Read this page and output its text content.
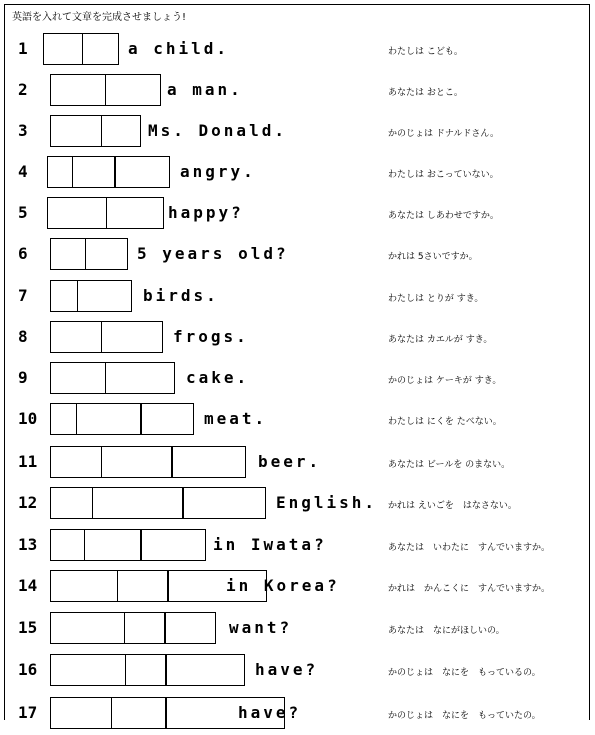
英語を入れて文章を完成させましょう!
1	a child.	わたしは こども。
2	a man.	あなたは おとこ。
3	Ms. Donald.	かのじょは ドナルドさん。
4	angry.	わたしは おこっていない。
5	happy?	あなたは しあわせですか。
6	5 years old?	かれは 5さいですか。
7	birds.	わたしは とりが すき。
8	frogs.	あなたは カエルが すき。
9	cake.	かのじょは ケーキが すき。
10	meat.	わたしは にくを たべない。
11	beer.	あなたは ビールを のまない。
12	English. かれは えいごを　はなさない。
13	in Iwata?	あなたは　いわたに　すんでいますか。
14	in Korea?	かれは　かんこくに　すんでいますか。
15	want?	あなたは　なにがほしいの。
16	have?	かのじょは　なにを　もっているの。
17	have?	かのじょは　なにを　もっていたの。
